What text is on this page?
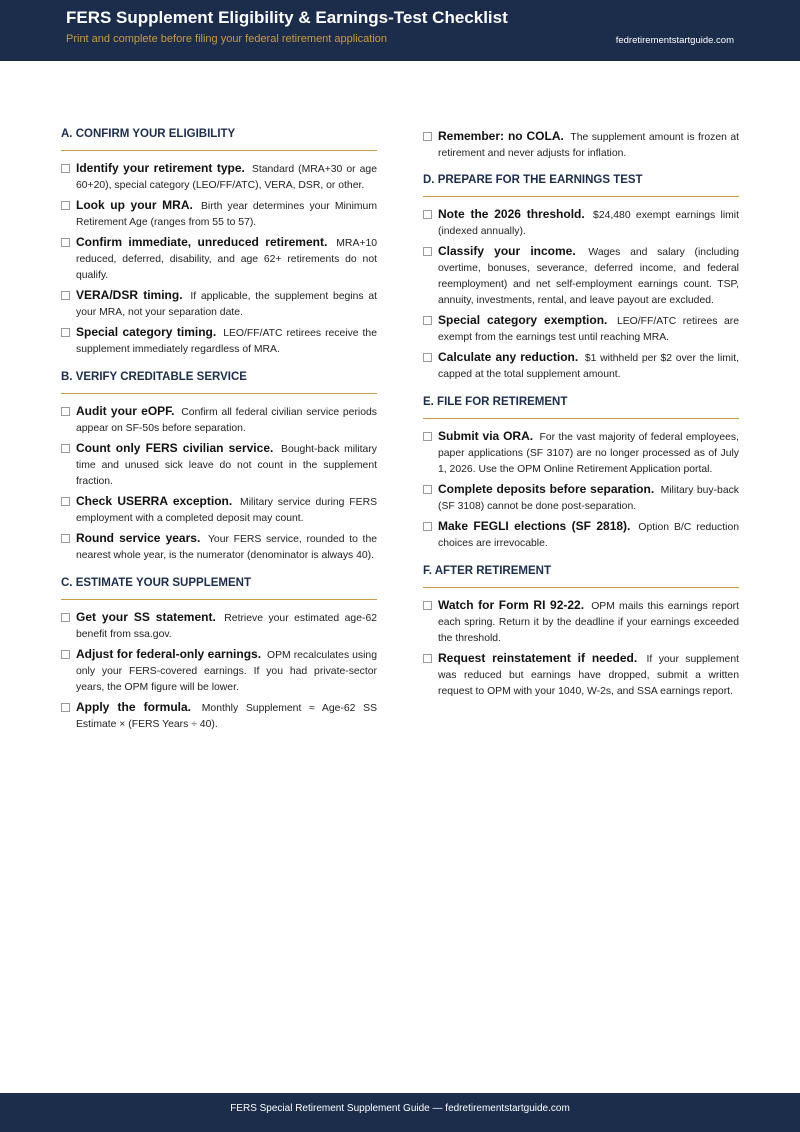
FERS Supplement Eligibility & Earnings-Test Checklist
Print and complete before filing your federal retirement application	fedretirementstartguide.com
A. CONFIRM YOUR ELIGIBILITY
Identify your retirement type. Standard (MRA+30 or age 60+20), special category (LEO/FF/ATC), VERA, DSR, or other.
Look up your MRA. Birth year determines your Minimum Retirement Age (ranges from 55 to 57).
Confirm immediate, unreduced retirement. MRA+10 reduced, deferred, disability, and age 62+ retirements do not qualify.
VERA/DSR timing. If applicable, the supplement begins at your MRA, not your separation date.
Special category timing. LEO/FF/ATC retirees receive the supplement immediately regardless of MRA.
B. VERIFY CREDITABLE SERVICE
Audit your eOPF. Confirm all federal civilian service periods appear on SF-50s before separation.
Count only FERS civilian service. Bought-back military time and unused sick leave do not count in the supplement fraction.
Check USERRA exception. Military service during FERS employment with a completed deposit may count.
Round service years. Your FERS service, rounded to the nearest whole year, is the numerator (denominator is always 40).
C. ESTIMATE YOUR SUPPLEMENT
Get your SS statement. Retrieve your estimated age-62 benefit from ssa.gov.
Adjust for federal-only earnings. OPM recalculates using only your FERS-covered earnings. If you had private-sector years, the OPM figure will be lower.
Apply the formula. Monthly Supplement ≈ Age-62 SS Estimate × (FERS Years ÷ 40).
Remember: no COLA. The supplement amount is frozen at retirement and never adjusts for inflation.
D. PREPARE FOR THE EARNINGS TEST
Note the 2026 threshold. $24,480 exempt earnings limit (indexed annually).
Classify your income. Wages and salary (including overtime, bonuses, severance, deferred income, and federal reemployment) and net self-employment earnings count. TSP, annuity, investments, rental, and leave payout are excluded.
Special category exemption. LEO/FF/ATC retirees are exempt from the earnings test until reaching MRA.
Calculate any reduction. $1 withheld per $2 over the limit, capped at the total supplement amount.
E. FILE FOR RETIREMENT
Submit via ORA. For the vast majority of federal employees, paper applications (SF 3107) are no longer processed as of July 1, 2026. Use the OPM Online Retirement Application portal.
Complete deposits before separation. Military buy-back (SF 3108) cannot be done post-separation.
Make FEGLI elections (SF 2818). Option B/C reduction choices are irrevocable.
F. AFTER RETIREMENT
Watch for Form RI 92-22. OPM mails this earnings report each spring. Return it by the deadline if your earnings exceeded the threshold.
Request reinstatement if needed. If your supplement was reduced but earnings have dropped, submit a written request to OPM with your 1040, W-2s, and SSA earnings report.
FERS Special Retirement Supplement Guide — fedretirementstartguide.com
